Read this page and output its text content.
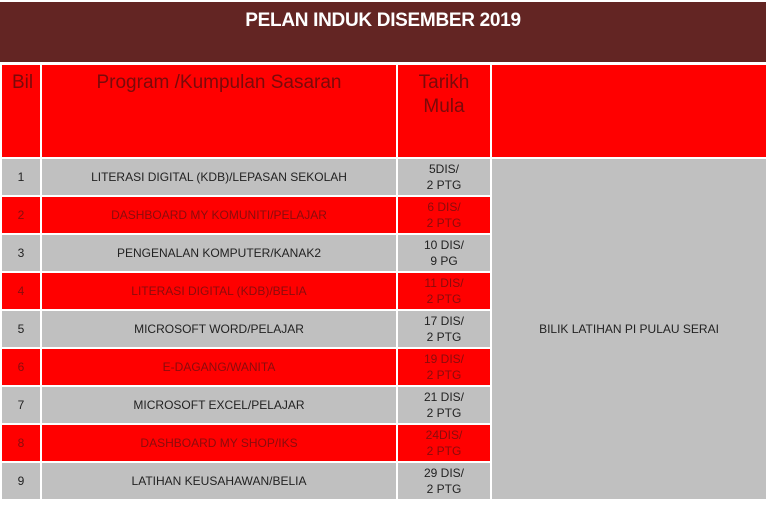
PELAN INDUK DISEMBER 2019
Bil	Program /Kumpulan Sasaran	Tarikh
Mula	

1	LITERASI DIGITAL (KDB)/LEPASAN SEKOLAH	5DIS/
2 PTG	BILIK LATIHAN PI PULAU SERAI
2	DASHBOARD MY KOMUNITI/PELAJAR	6 DIS/
2 PTG	

3	PENGENALAN KOMPUTER/KANAK2	10 DIS/
9 PG	

4	LITERASI DIGITAL (KDB)/BELIA	11 DIS/
2 PTG	

5	MICROSOFT WORD/PELAJAR	17 DIS/
2 PTG	

6	E-DAGANG/WANITA	19 DIS/
2 PTG	

7	MICROSOFT EXCEL/PELAJAR	21 DIS/
2 PTG	

8	DASHBOARD MY SHOP/IKS	24DIS/
2 PTG	

9	LATIHAN KEUSAHAWAN/BELIA	29 DIS/
2 PTG	
